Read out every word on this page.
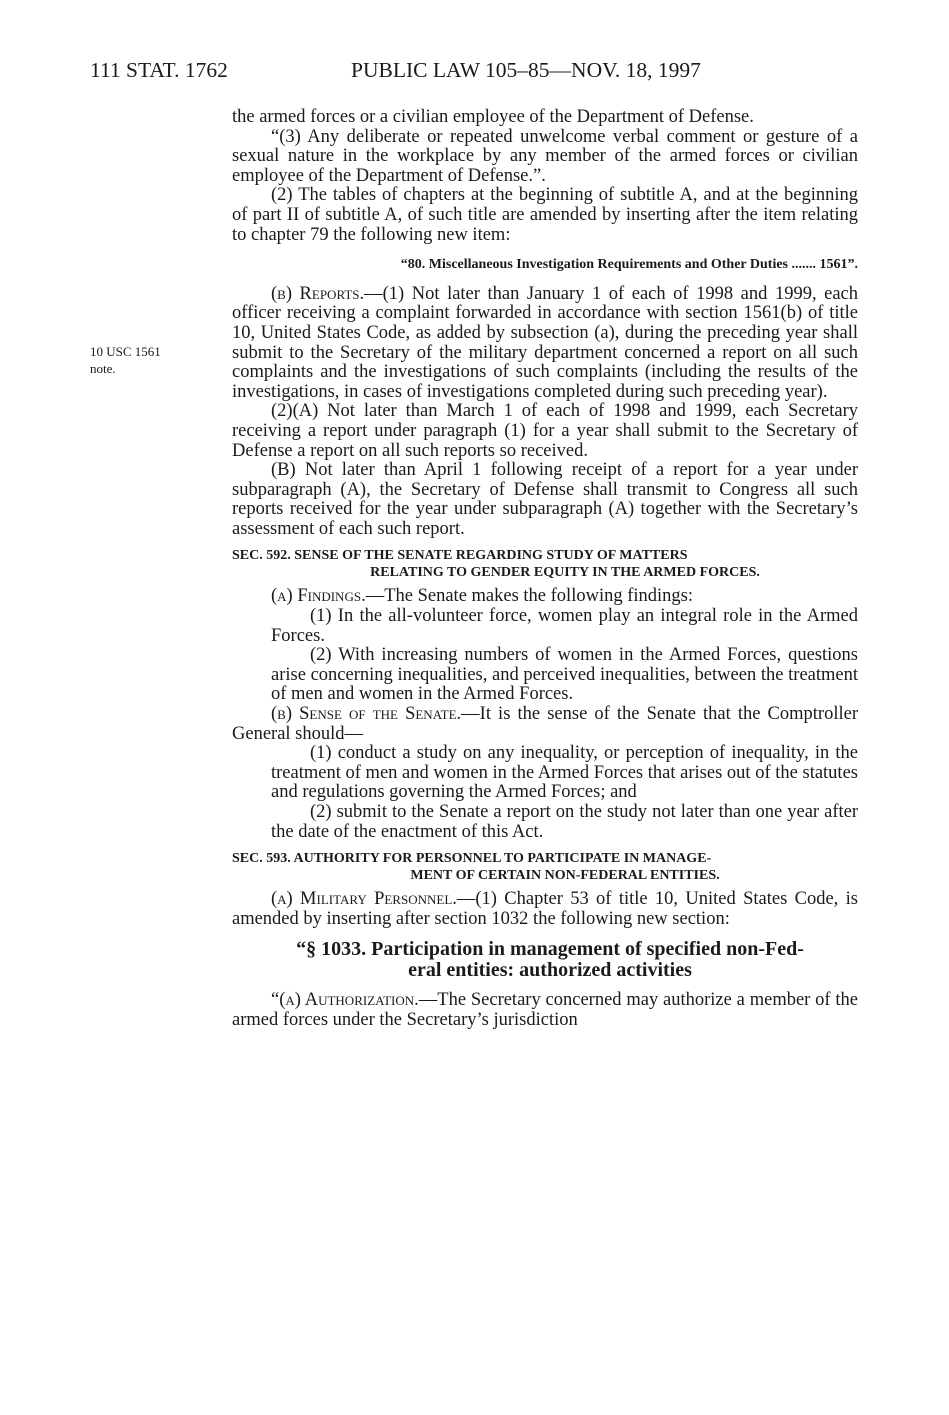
111 STAT. 1762	PUBLIC LAW 105–85—NOV. 18, 1997
10 USC 1561
note.

the armed forces or a civilian employee of the Department of Defense.

“(3) Any deliberate or repeated unwelcome verbal comment or gesture of a sexual nature in the workplace by any member of the armed forces or civilian employee of the Department of Defense.”.

(2) The tables of chapters at the beginning of subtitle A, and at the beginning of part II of subtitle A, of such title are amended by inserting after the item relating to chapter 79 the following new item:

“80. Miscellaneous Investigation Requirements and Other Duties ....... 1561”.

(b) Reports.—(1) Not later than January 1 of each of 1998 and 1999, each officer receiving a complaint forwarded in accordance with section 1561(b) of title 10, United States Code, as added by subsection (a), during the preceding year shall submit to the Secretary of the military department concerned a report on all such complaints and the investigations of such complaints (including the results of the investigations, in cases of investigations completed during such preceding year).

(2)(A) Not later than March 1 of each of 1998 and 1999, each Secretary receiving a report under paragraph (1) for a year shall submit to the Secretary of Defense a report on all such reports so received.

(B) Not later than April 1 following receipt of a report for a year under subparagraph (A), the Secretary of Defense shall transmit to Congress all such reports received for the year under subparagraph (A) together with the Secretary’s assessment of each such report.

SEC. 592. SENSE OF THE SENATE REGARDING STUDY OF MATTERS
RELATING TO GENDER EQUITY IN THE ARMED FORCES.

(a) Findings.—The Senate makes the following findings:

(1) In the all-volunteer force, women play an integral role in the Armed Forces.

(2) With increasing numbers of women in the Armed Forces, questions arise concerning inequalities, and perceived inequalities, between the treatment of men and women in the Armed Forces.

(b) Sense of the Senate.—It is the sense of the Senate that the Comptroller General should—

(1) conduct a study on any inequality, or perception of inequality, in the treatment of men and women in the Armed Forces that arises out of the statutes and regulations governing the Armed Forces; and

(2) submit to the Senate a report on the study not later than one year after the date of the enactment of this Act.

SEC. 593. AUTHORITY FOR PERSONNEL TO PARTICIPATE IN MANAGE-
MENT OF CERTAIN NON-FEDERAL ENTITIES.

(a) Military Personnel.—(1) Chapter 53 of title 10, United States Code, is amended by inserting after section 1032 the following new section:

“§ 1033. Participation in management of specified non-Fed-
eral entities: authorized activities

“(a) Authorization.—The Secretary concerned may authorize a member of the armed forces under the Secretary’s jurisdiction
